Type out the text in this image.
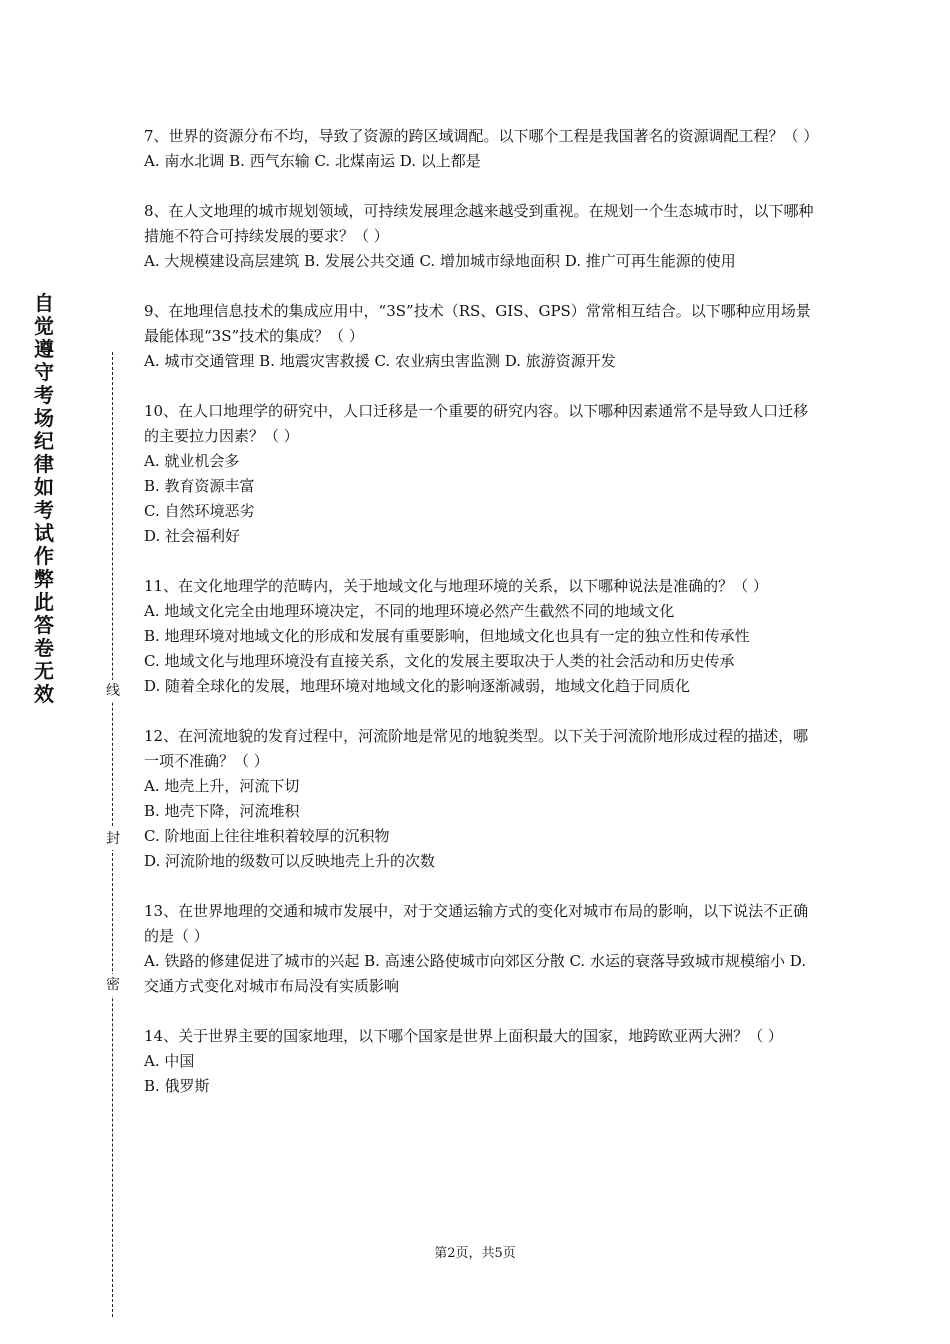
自觉遵守考场纪律如考试作弊此答卷无效	线
封
密

7、世界的资源分布不均，导致了资源的跨区域调配。以下哪个工程是我国著名的资源调配工程？（ ）

A. 南水北调 B. 西气东输 C. 北煤南运 D. 以上都是

8、在人文地理的城市规划领域，可持续发展理念越来越受到重视。在规划一个生态城市时，以下哪种措施不符合可持续发展的要求？（ ）

A. 大规模建设高层建筑 B. 发展公共交通 C. 增加城市绿地面积 D. 推广可再生能源的使用

9、在地理信息技术的集成应用中，“3S”技术（RS、GIS、GPS）常常相互结合。以下哪种应用场景最能体现“3S”技术的集成？（ ）

A. 城市交通管理 B. 地震灾害救援 C. 农业病虫害监测 D. 旅游资源开发

10、在人口地理学的研究中，人口迁移是一个重要的研究内容。以下哪种因素通常不是导致人口迁移的主要拉力因素？（ ）

A. 就业机会多

B. 教育资源丰富

C. 自然环境恶劣

D. 社会福利好

11、在文化地理学的范畴内，关于地域文化与地理环境的关系，以下哪种说法是准确的？（ ）

A. 地域文化完全由地理环境决定，不同的地理环境必然产生截然不同的地域文化

B. 地理环境对地域文化的形成和发展有重要影响，但地域文化也具有一定的独立性和传承性

C. 地域文化与地理环境没有直接关系，文化的发展主要取决于人类的社会活动和历史传承

D. 随着全球化的发展，地理环境对地域文化的影响逐渐减弱，地域文化趋于同质化

12、在河流地貌的发育过程中，河流阶地是常见的地貌类型。以下关于河流阶地形成过程的描述，哪一项不准确？（ ）

A. 地壳上升，河流下切

B. 地壳下降，河流堆积

C. 阶地面上往往堆积着较厚的沉积物

D. 河流阶地的级数可以反映地壳上升的次数

13、在世界地理的交通和城市发展中，对于交通运输方式的变化对城市布局的影响，以下说法不正确的是（ ）

A. 铁路的修建促进了城市的兴起 B. 高速公路使城市向郊区分散 C. 水运的衰落导致城市规模缩小 D. 交通方式变化对城市布局没有实质影响

14、关于世界主要的国家地理，以下哪个国家是世界上面积最大的国家，地跨欧亚两大洲？（ ）

A. 中国

B. 俄罗斯

第2页，共5页
